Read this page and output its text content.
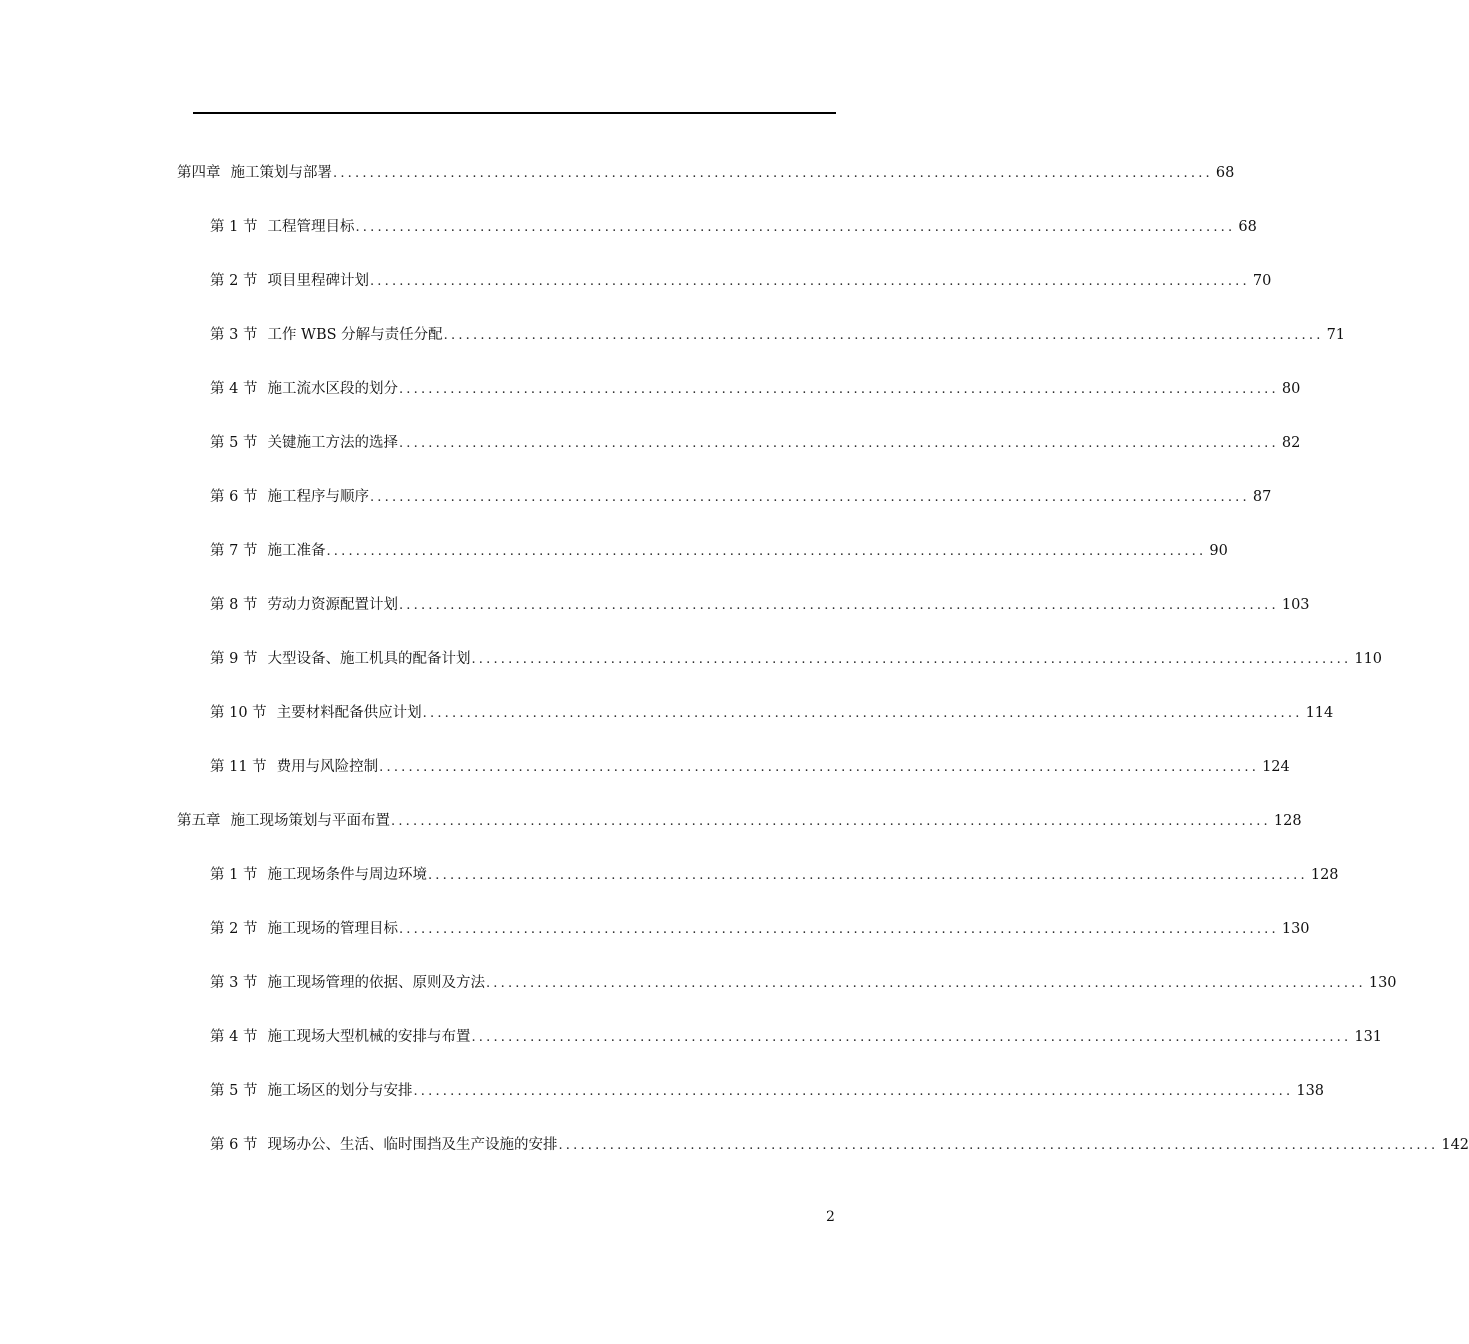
第四章 施工策划与部署 ........................................................................................................................ 68
第 1 节 工程管理目标 ........................................................................................................................ 68
第 2 节 项目里程碑计划 ........................................................................................................................ 70
第 3 节 工作 WBS 分解与责任分配 ........................................................................................................................ 71
第 4 节 施工流水区段的划分 ........................................................................................................................ 80
第 5 节 关键施工方法的选择 ........................................................................................................................ 82
第 6 节 施工程序与顺序 ........................................................................................................................ 87
第 7 节 施工准备 ........................................................................................................................ 90
第 8 节 劳动力资源配置计划 ........................................................................................................................ 103
第 9 节 大型设备、施工机具的配备计划 ........................................................................................................................ 110
第 10 节 主要材料配备供应计划 ........................................................................................................................ 114
第 11 节 费用与风险控制 ........................................................................................................................ 124
第五章 施工现场策划与平面布置 ........................................................................................................................ 128
第 1 节 施工现场条件与周边环境 ........................................................................................................................ 128
第 2 节 施工现场的管理目标 ........................................................................................................................ 130
第 3 节 施工现场管理的依据、原则及方法 ........................................................................................................................ 130
第 4 节 施工现场大型机械的安排与布置 ........................................................................................................................ 131
第 5 节 施工场区的划分与安排 ........................................................................................................................ 138
第 6 节 现场办公、生活、临时围挡及生产设施的安排 ........................................................................................................................ 142
2
